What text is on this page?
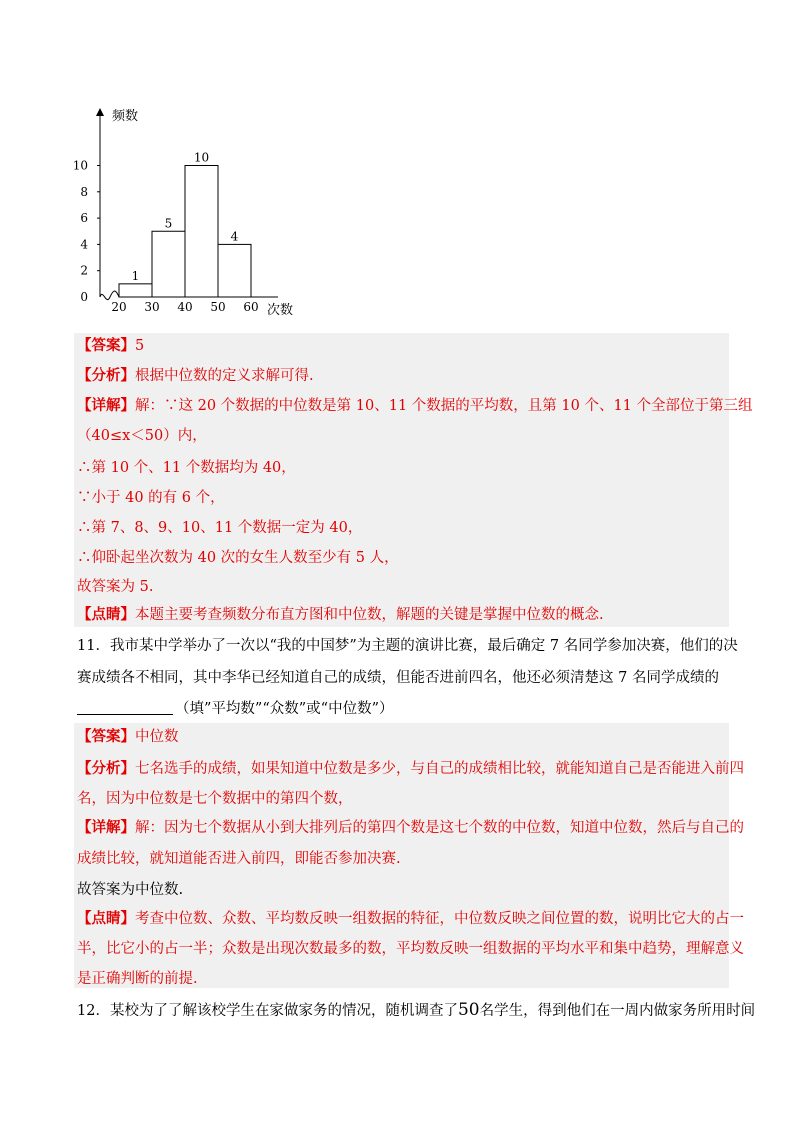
1
5
10
4
20 30 40 50 60
0
2
4
6
8
10
频数
次数
【答案】5
【分析】根据中位数的定义求解可得.
【详解】解：∵这 20 个数据的中位数是第 10、11 个数据的平均数，且第 10 个、11 个全部位于第三组
（40≤x＜50）内，
∴第 10 个、11 个数据均为 40，
∵小于 40 的有 6 个，
∴第 7、8、9、10、11 个数据一定为 40，
∴仰卧起坐次数为 40 次的女生人数至少有 5 人，
故答案为 5.
【点睛】本题主要考查频数分布直方图和中位数，解题的关键是掌握中位数的概念.
11．我市某中学举办了一次以“我的中国梦”为主题的演讲比赛，最后确定 7 名同学参加决赛，他们的决
赛成绩各不相同，其中李华已经知道自己的成绩，但能否进前四名，他还必须清楚这 7 名同学成绩的
（填”平均数”“众数”或“中位数”）
【答案】中位数
【分析】七名选手的成绩，如果知道中位数是多少，与自己的成绩相比较，就能知道自己是否能进入前四
名，因为中位数是七个数据中的第四个数，
【详解】解：因为七个数据从小到大排列后的第四个数是这七个数的中位数，知道中位数，然后与自己的
成绩比较，就知道能否进入前四，即能否参加决赛.
故答案为中位数.
【点睛】考查中位数、众数、平均数反映一组数据的特征，中位数反映之间位置的数，说明比它大的占一
半，比它小的占一半；众数是出现次数最多的数，平均数反映一组数据的平均水平和集中趋势，理解意义
是正确判断的前提.
12．某校为了了解该校学生在家做家务的情况，随机调查了50名学生，得到他们在一周内做家务所用时间
